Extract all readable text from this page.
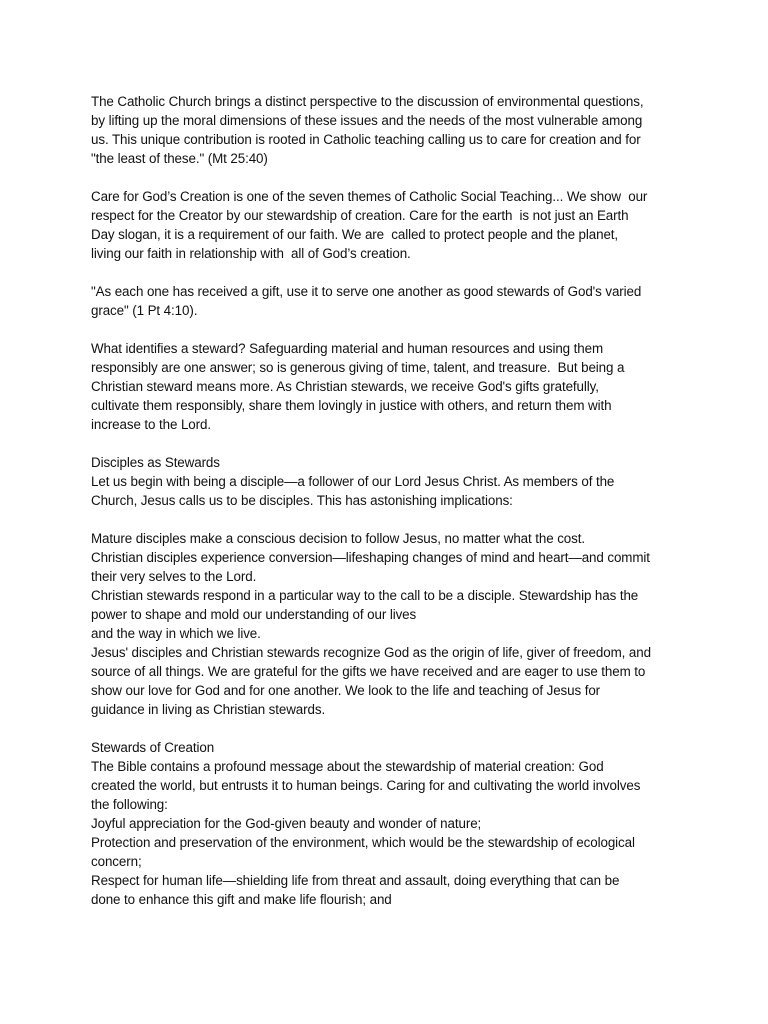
The Catholic Church brings a distinct perspective to the discussion of environmental questions,
by lifting up the moral dimensions of these issues and the needs of the most vulnerable among
us. This unique contribution is rooted in Catholic teaching calling us to care for creation and for
"the least of these." (Mt 25:40)
Care for God’s Creation is one of the seven themes of Catholic Social Teaching... We show  our
respect for the Creator by our stewardship of creation. Care for the earth  is not just an Earth
Day slogan, it is a requirement of our faith. We are  called to protect people and the planet,
living our faith in relationship with  all of God’s creation.
"As each one has received a gift, use it to serve one another as good stewards of God's varied
grace" (1 Pt 4:10).
What identifies a steward? Safeguarding material and human resources and using them
responsibly are one answer; so is generous giving of time, talent, and treasure.  But being a
Christian steward means more. As Christian stewards, we receive God's gifts gratefully,
cultivate them responsibly, share them lovingly in justice with others, and return them with
increase to the Lord.
Disciples as Stewards
Let us begin with being a disciple—a follower of our Lord Jesus Christ. As members of the
Church, Jesus calls us to be disciples. This has astonishing implications:
Mature disciples make a conscious decision to follow Jesus, no matter what the cost.
Christian disciples experience conversion—lifeshaping changes of mind and heart—and commit
their very selves to the Lord.
Christian stewards respond in a particular way to the call to be a disciple. Stewardship has the
power to shape and mold our understanding of our lives
and the way in which we live.
Jesus' disciples and Christian stewards recognize God as the origin of life, giver of freedom, and
source of all things. We are grateful for the gifts we have received and are eager to use them to
show our love for God and for one another. We look to the life and teaching of Jesus for
guidance in living as Christian stewards.
Stewards of Creation
The Bible contains a profound message about the stewardship of material creation: God
created the world, but entrusts it to human beings. Caring for and cultivating the world involves
the following:
Joyful appreciation for the God-given beauty and wonder of nature;
Protection and preservation of the environment, which would be the stewardship of ecological
concern;
Respect for human life—shielding life from threat and assault, doing everything that can be
done to enhance this gift and make life flourish; and
